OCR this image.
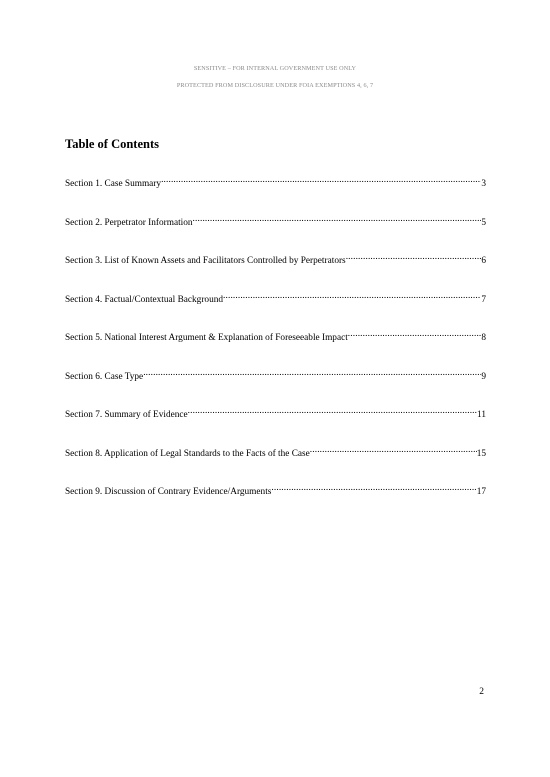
SENSITIVE – FOR INTERNAL GOVERNMENT USE ONLY
PROTECTED FROM DISCLOSURE UNDER FOIA EXEMPTIONS 4, 6, 7
Table of Contents
Section 1. Case Summary .....	3
Section 2. Perpetrator Information .....	5
Section 3. List of Known Assets and Facilitators Controlled by Perpetrators .....	6
Section 4. Factual/Contextual Background .....	7
Section 5. National Interest Argument & Explanation of Foreseeable Impact .....	8
Section 6. Case Type .....	9
Section 7. Summary of Evidence .....	11
Section 8. Application of Legal Standards to the Facts of the Case .....	15
Section 9. Discussion of Contrary Evidence/Arguments .....	17
2
